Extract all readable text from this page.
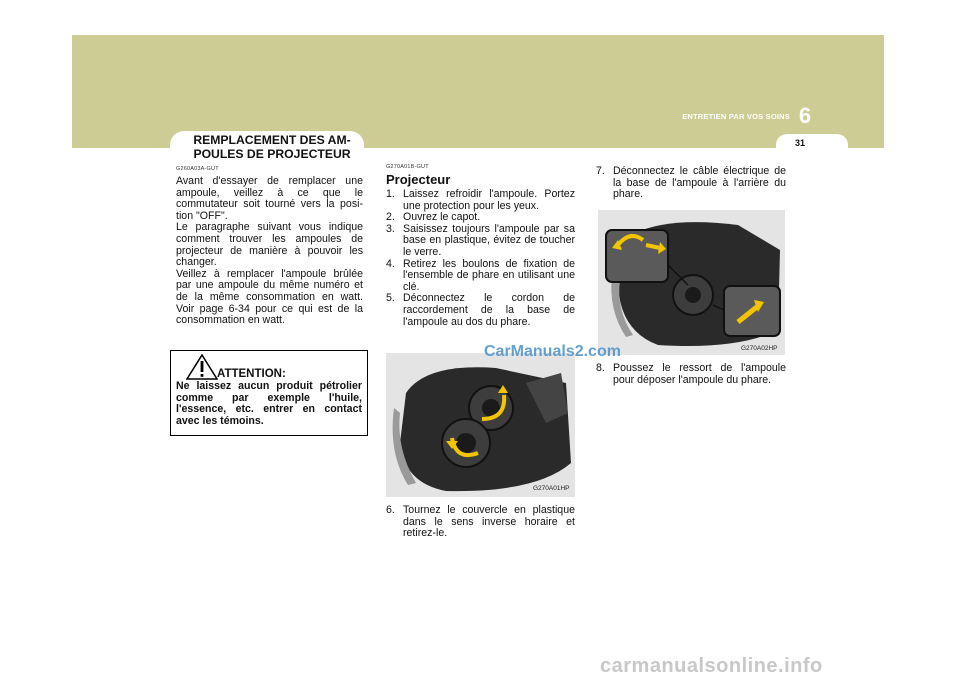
ENTRETIEN PAR VOS SOINS 6
31
REMPLACEMENT DES AM-POULES DE PROJECTEUR
G260A03A-GUT
Avant d'essayer de remplacer une ampoule, veillez à ce que le commutateur soit tourné vers la posi-tion "OFF".
Le paragraphe suivant vous indique comment trouver les ampoules de projecteur de manière à pouvoir les changer.
Veillez à remplacer l'ampoule brûlée par une ampoule du même numéro et de la même consommation en watt. Voir page 6-34 pour ce qui est de la consommation en watt.
ATTENTION:
Ne laissez aucun produit pétrolier comme par exemple l'huile, l'essence, etc. entrer en contact avec les témoins.
G270A01B-GUT
Projecteur
1. Laissez refroidir l'ampoule. Portez une protection pour les yeux.
2. Ouvrez le capot.
3. Saisissez toujours l'ampoule par sa base en plastique, évitez de toucher le verre.
4. Retirez les boulons de fixation de l'ensemble de phare en utilisant une clé.
5. Déconnectez le cordon de raccordement de la base de l'ampoule au dos du phare.
G270A01HP
6. Tournez le couvercle en plastique dans le sens inverse horaire et retirez-le.
7. Déconnectez le câble électrique de la base de l'ampoule à l'arrière du phare.
G270A02HP
8. Poussez le ressort de l'ampoule pour déposer l'ampoule du phare.
CarManuals2.com
carmanualsonline.info
